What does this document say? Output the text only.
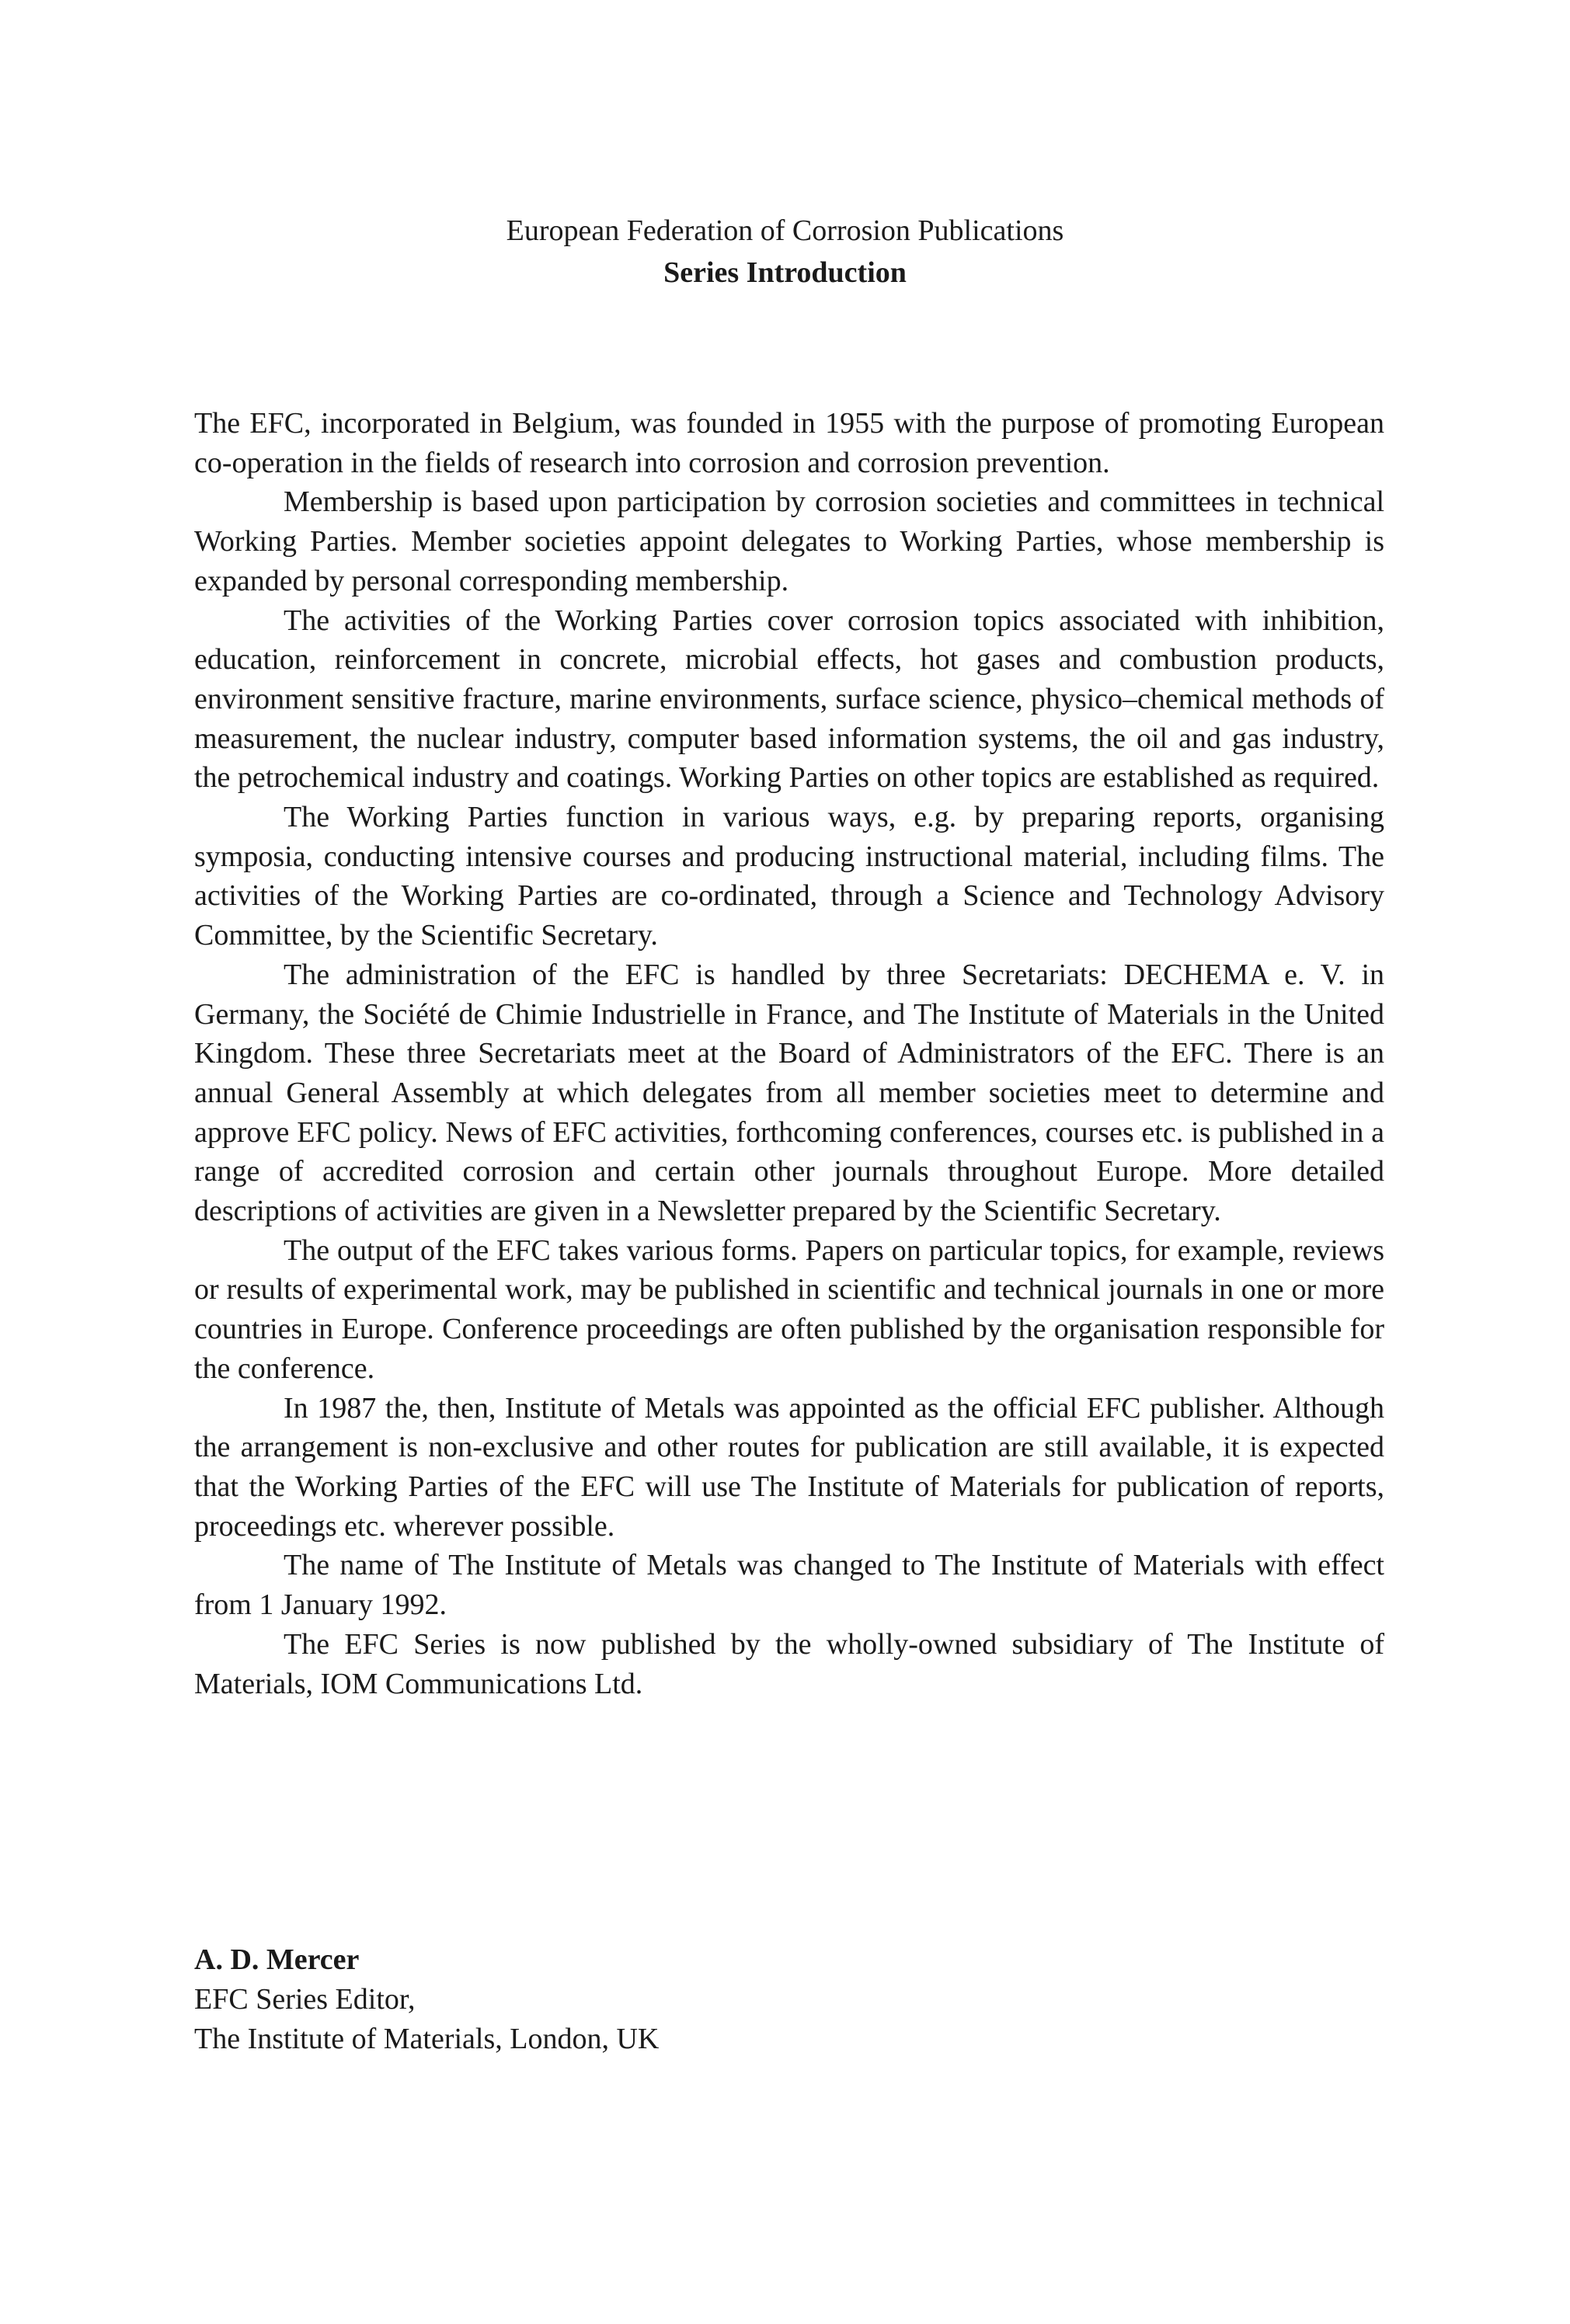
European Federation of Corrosion Publications
Series Introduction

The EFC, incorporated in Belgium, was founded in 1955 with the purpose of promoting European co-operation in the fields of research into corrosion and corrosion prevention.

Membership is based upon participation by corrosion societies and committees in technical Working Parties. Member societies appoint delegates to Working Parties, whose membership is expanded by personal corresponding membership.

The activities of the Working Parties cover corrosion topics associated with inhibition, education, reinforcement in concrete, microbial effects, hot gases and combustion products, environment sensitive fracture, marine environments, surface science, physico–chemical methods of measurement, the nuclear industry, computer based information systems, the oil and gas industry, the petrochemical industry and coatings. Working Parties on other topics are established as required.

The Working Parties function in various ways, e.g. by preparing reports, organising symposia, conducting intensive courses and producing instructional material, including films. The activities of the Working Parties are co-ordinated, through a Science and Technology Advisory Committee, by the Scientific Secretary.

The administration of the EFC is handled by three Secretariats: DECHEMA e. V. in Germany, the Société de Chimie Industrielle in France, and The Institute of Materials in the United Kingdom. These three Secretariats meet at the Board of Administrators of the EFC. There is an annual General Assembly at which delegates from all member societies meet to determine and approve EFC policy. News of EFC activities, forthcoming conferences, courses etc. is published in a range of accredited corrosion and certain other journals throughout Europe. More detailed descriptions of activities are given in a Newsletter prepared by the Scientific Secretary.

The output of the EFC takes various forms. Papers on particular topics, for example, reviews or results of experimental work, may be published in scientific and technical journals in one or more countries in Europe. Conference proceedings are often published by the organisation responsible for the conference.

In 1987 the, then, Institute of Metals was appointed as the official EFC publisher. Although the arrangement is non-exclusive and other routes for publication are still available, it is expected that the Working Parties of the EFC will use The Institute of Materials for publication of reports, proceedings etc. wherever possible.

The name of The Institute of Metals was changed to The Institute of Materials with effect from 1 January 1992.

The EFC Series is now published by the wholly-owned subsidiary of The Institute of Materials, IOM Communications Ltd.

A. D. Mercer
EFC Series Editor,
The Institute of Materials, London, UK
